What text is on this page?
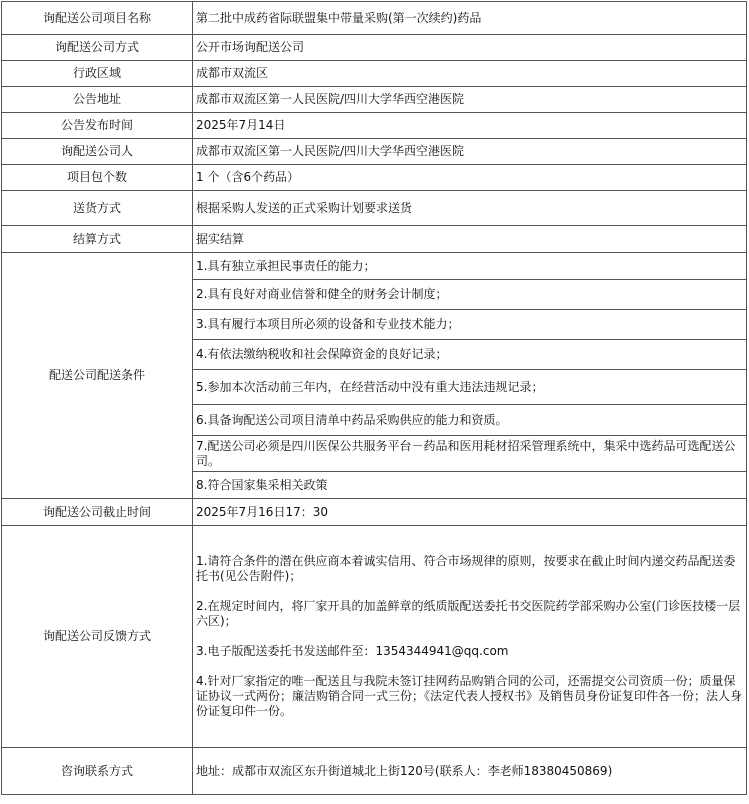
询配送公司项目名称	第二批中成药省际联盟集中带量采购(第一次续约)药品
询配送公司方式	公开市场询配送公司
行政区域	成都市双流区
公告地址	成都市双流区第一人民医院/四川大学华西空港医院
公告发布时间	2025年7月14日
询配送公司人	成都市双流区第一人民医院/四川大学华西空港医院
项目包个数	1 个（含6个药品）
送货方式	根据采购人发送的正式采购计划要求送货
结算方式	据实结算
配送公司配送条件	1.具有独立承担民事责任的能力；
	2.具有良好对商业信誉和健全的财务会计制度；
	3.具有履行本项目所必须的设备和专业技术能力；
	4.有依法缴纳税收和社会保障资金的良好记录；
	5.参加本次活动前三年内，在经营活动中没有重大违法违规记录；
	6.具备询配送公司项目清单中药品采购供应的能力和资质。
	7.配送公司必须是四川医保公共服务平台－药品和医用耗材招采管理系统中，集采中选药品可选配送公司。
	8.符合国家集采相关政策
询配送公司截止时间	2025年7月16日17：30
询配送公司反馈方式	1.请符合条件的潜在供应商本着诚实信用、符合市场规律的原则，按要求在截止时间内递交药品配送委托书(见公告附件)；

2.在规定时间内，将厂家开具的加盖鲜章的纸质版配送委托书交医院药学部采购办公室(门诊医技楼一层六区)；

3.电子版配送委托书发送邮件至：1354344941@qq.com

4.针对厂家指定的唯一配送且与我院未签订挂网药品购销合同的公司，还需提交公司资质一份；质量保证协议一式两份；廉洁购销合同一式三份；《法定代表人授权书》及销售员身份证复印件各一份；法人身份证复印件一份。

咨询联系方式	地址：成都市双流区东升街道城北上街120号(联系人：李老师18380450869)
